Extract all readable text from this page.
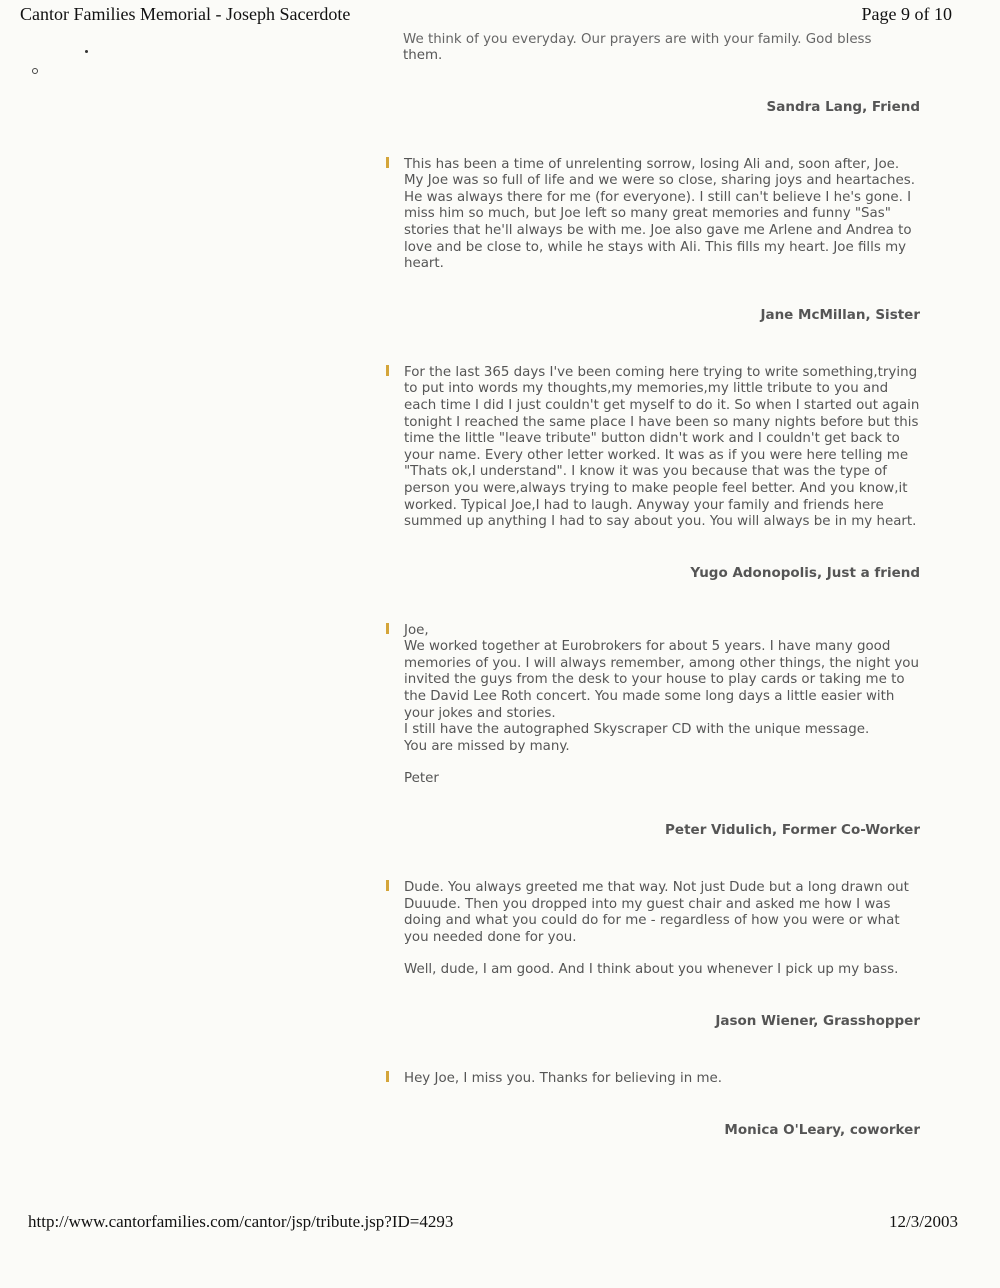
Cantor Families Memorial - Joseph Sacerdote	Page 9 of 10
We think of you everyday. Our prayers are with your family. God bless

them.

Sandra Lang, Friend

This has been a time of unrelenting sorrow, losing Ali and, soon after, Joe. My Joe was so full of life and we were so close, sharing joys and heartaches. He was always there for me (for everyone). I still can't believe I he's gone. I miss him so much, but Joe left so many great memories and funny "Sas" stories that he'll always be with me. Joe also gave me Arlene and Andrea to love and be close to, while he stays with Ali. This fills my heart. Joe fills my heart.

Jane McMillan, Sister

For the last 365 days I've been coming here trying to write something,trying to put into words my thoughts,my memories,my little tribute to you and each time I did I just couldn't get myself to do it. So when I started out again tonight I reached the same place I have been so many nights before but this time the little "leave tribute" button didn't work and I couldn't get back to your name. Every other letter worked. It was as if you were here telling me "Thats ok,I understand". I know it was you because that was the type of person you were,always trying to make people feel better. And you know,it worked. Typical Joe,I had to laugh. Anyway your family and friends here summed up anything I had to say about you. You will always be in my heart.

Yugo Adonopolis, Just a friend

Joe,
We worked together at Eurobrokers for about 5 years. I have many good memories of you. I will always remember, among other things, the night you invited the guys from the desk to your house to play cards or taking me to the David Lee Roth concert. You made some long days a little easier with your jokes and stories.
I still have the autographed Skyscraper CD with the unique message.
You are missed by many.

Peter

Peter Vidulich, Former Co-Worker

Dude. You always greeted me that way. Not just Dude but a long drawn out Duuude. Then you dropped into my guest chair and asked me how I was doing and what you could do for me - regardless of how you were or what you needed done for you.

Well, dude, I am good. And I think about you whenever I pick up my bass.

Jason Wiener, Grasshopper

Hey Joe, I miss you. Thanks for believing in me.

Monica O'Leary, coworker
http://www.cantorfamilies.com/cantor/jsp/tribute.jsp?ID=4293	12/3/2003
